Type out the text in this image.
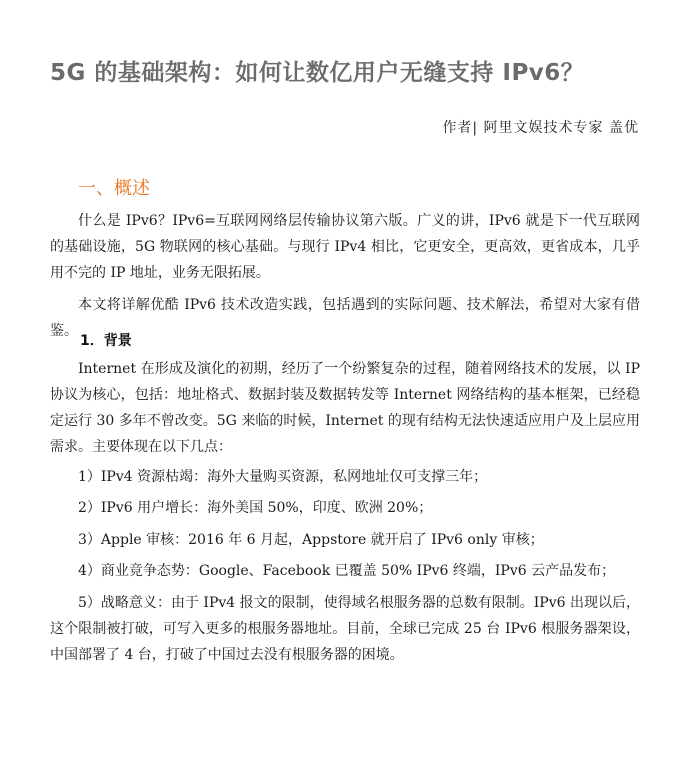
5G 的基础架构：如何让数亿用户无缝支持 IPv6？
作者| 阿里文娱技术专家 盖优
一、概述

什么是 IPv6？IPv6=互联网网络层传输协议第六版。广义的讲，IPv6 就是下一代互联网的基础设施，5G 物联网的核心基础。与现行 IPv4 相比，它更安全，更高效，更省成本，几乎用不完的 IP 地址，业务无限拓展。

本文将详解优酷 IPv6 技术改造实践，包括遇到的实际问题、技术解法，希望对大家有借鉴。

1．背景

Internet 在形成及演化的初期，经历了一个纷繁复杂的过程，随着网络技术的发展，以 IP 协议为核心，包括：地址格式、数据封装及数据转发等 Internet 网络结构的基本框架，已经稳定运行 30 多年不曾改变。5G 来临的时候，Internet 的现有结构无法快速适应用户及上层应用需求。主要体现在以下几点：

1）IPv4 资源枯竭：海外大量购买资源，私网地址仅可支撑三年；

2）IPv6 用户增长：海外美国 50%，印度、欧洲 20%；

3）Apple 审核：2016 年 6 月起，Appstore 就开启了 IPv6 only 审核；

4）商业竞争态势：Google、Facebook 已覆盖 50% IPv6 终端，IPv6 云产品发布；

5）战略意义：由于 IPv4 报文的限制，使得域名根服务器的总数有限制。IPv6 出现以后，这个限制被打破，可写入更多的根服务器地址。目前，全球已完成 25 台 IPv6 根服务器架设，中国部署了 4 台，打破了中国过去没有根服务器的困境。
